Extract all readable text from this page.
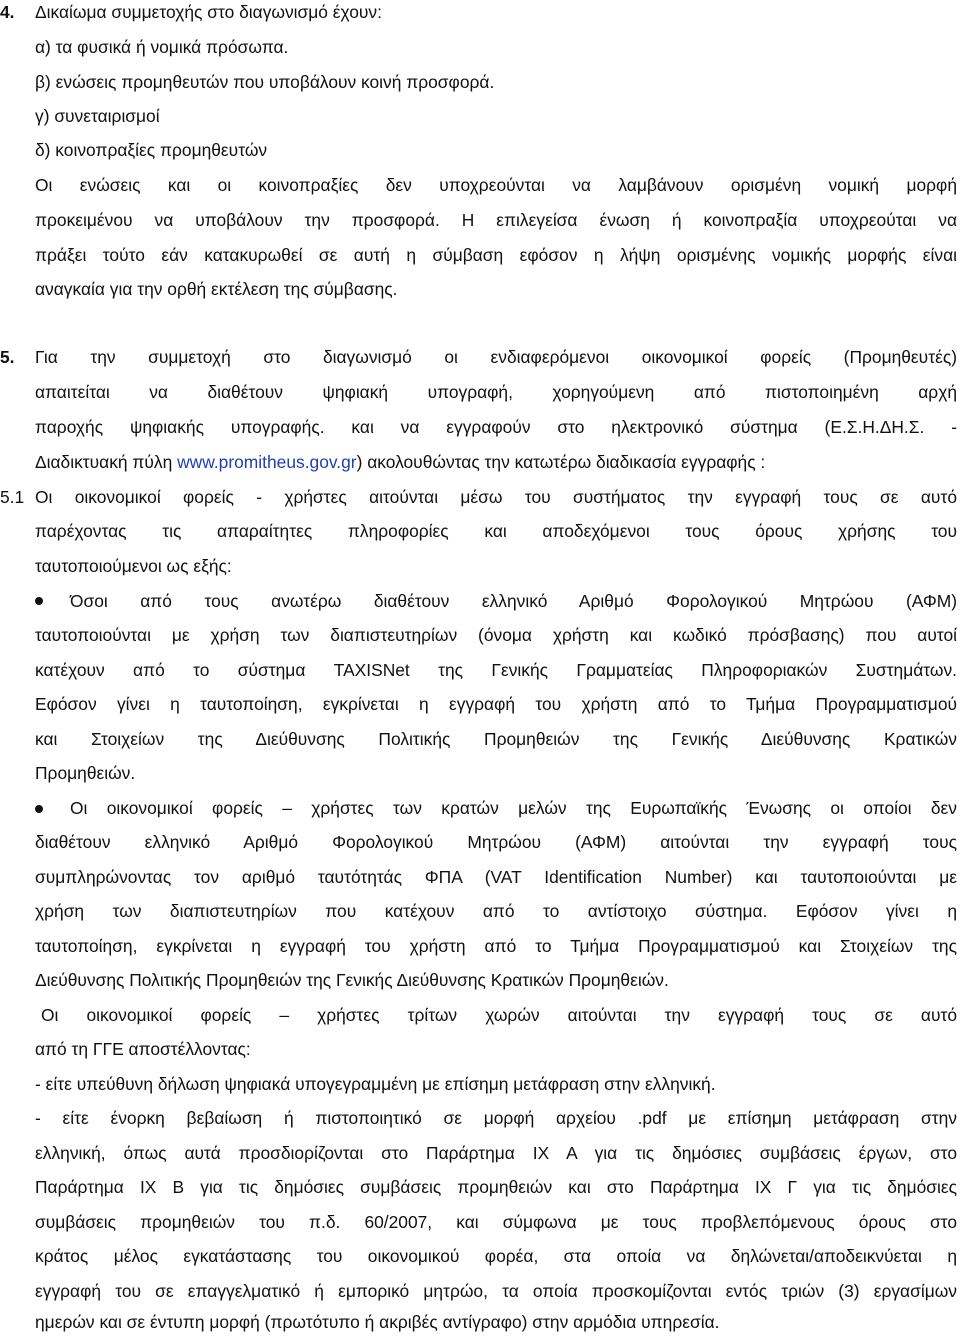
4. Δικαίωμα συμμετοχής στο διαγωνισμό έχουν:
α) τα φυσικά ή νομικά πρόσωπα.
β) ενώσεις προμηθευτών που υποβάλουν κοινή προσφορά.
γ) συνεταιρισμοί
δ) κοινοπραξίες προμηθευτών
Οι ενώσεις και οι κοινοπραξίες δεν υποχρεούνται να λαμβάνουν ορισμένη νομική μορφή
προκειμένου να υποβάλουν την προσφορά. Η επιλεγείσα ένωση ή κοινοπραξία υποχρεούται να
πράξει τούτο εάν κατακυρωθεί σε αυτή η σύμβαση εφόσον η λήψη ορισμένης νομικής μορφής είναι
αναγκαία για την ορθή εκτέλεση της σύμβασης.
5. Για την συμμετοχή στο διαγωνισμό οι ενδιαφερόμενοι οικονομικοί φορείς (Προμηθευτές)
απαιτείται να διαθέτουν ψηφιακή υπογραφή, χορηγούμενη από πιστοποιημένη αρχή
παροχής ψηφιακής υπογραφής. και να εγγραφούν στο ηλεκτρονικό σύστημα (Ε.Σ.Η.ΔΗ.Σ. -
Διαδικτυακή πύλη www.promitheus.gov.gr) ακολουθώντας την κατωτέρω διαδικασία εγγραφής :
5.1 Οι οικονομικοί φορείς - χρήστες αιτούνται μέσω του συστήματος την εγγραφή τους σε αυτό
παρέχοντας τις απαραίτητες πληροφορίες και αποδεχόμενοι τους όρους χρήσης του
ταυτοποιούμενοι ως εξής:
Όσοι από τους ανωτέρω διαθέτουν ελληνικό Αριθμό Φορολογικού Μητρώου (ΑΦΜ)
ταυτοποιούνται με χρήση των διαπιστευτηρίων (όνομα χρήστη και κωδικό πρόσβασης) που αυτοί
κατέχουν από το σύστημα TAXISNet της Γενικής Γραμματείας Πληροφοριακών Συστημάτων.
Εφόσον γίνει η ταυτοποίηση, εγκρίνεται η εγγραφή του χρήστη από το Τμήμα Προγραμματισμού
και Στοιχείων της Διεύθυνσης Πολιτικής Προμηθειών της Γενικής Διεύθυνσης Κρατικών
Προμηθειών.
Οι οικονομικοί φορείς – χρήστες των κρατών μελών της Ευρωπαϊκής Ένωσης οι οποίοι δεν
διαθέτουν ελληνικό Αριθμό Φορολογικού Μητρώου (ΑΦΜ) αιτούνται την εγγραφή τους
συμπληρώνοντας τον αριθμό ταυτότητάς ΦΠΑ (VAT Identification Number) και ταυτοποιούνται με
χρήση των διαπιστευτηρίων που κατέχουν από το αντίστοιχο σύστημα. Εφόσον γίνει η
ταυτοποίηση, εγκρίνεται η εγγραφή του χρήστη από το Τμήμα Προγραμματισμού και Στοιχείων της
Διεύθυνσης Πολιτικής Προμηθειών της Γενικής Διεύθυνσης Κρατικών Προμηθειών.
Οι οικονομικοί φορείς – χρήστες τρίτων χωρών αιτούνται την εγγραφή τους σε αυτό
από τη ΓΓΕ αποστέλλοντας:
- είτε υπεύθυνη δήλωση ψηφιακά υπογεγραμμένη με επίσημη μετάφραση στην ελληνική.
- είτε ένορκη βεβαίωση ή πιστοποιητικό σε μορφή αρχείου .pdf με επίσημη μετάφραση στην
ελληνική, όπως αυτά προσδιορίζονται στο Παράρτημα ΙΧ Α για τις δημόσιες συμβάσεις έργων, στο
Παράρτημα ΙΧ Β για τις δημόσιες συμβάσεις προμηθειών και στο Παράρτημα ΙΧ Γ για τις δημόσιες
συμβάσεις προμηθειών του π.δ. 60/2007, και σύμφωνα με τους προβλεπόμενους όρους στο
κράτος μέλος εγκατάστασης του οικονομικού φορέα, στα οποία να δηλώνεται/αποδεικνύεται η
εγγραφή του σε επαγγελματικό ή εμπορικό μητρώο, τα οποία προσκομίζονται εντός τριών (3) εργασίμων
ημερών και σε έντυπη μορφή (πρωτότυπο ή ακριβές αντίγραφο) στην αρμόδια υπηρεσία.
